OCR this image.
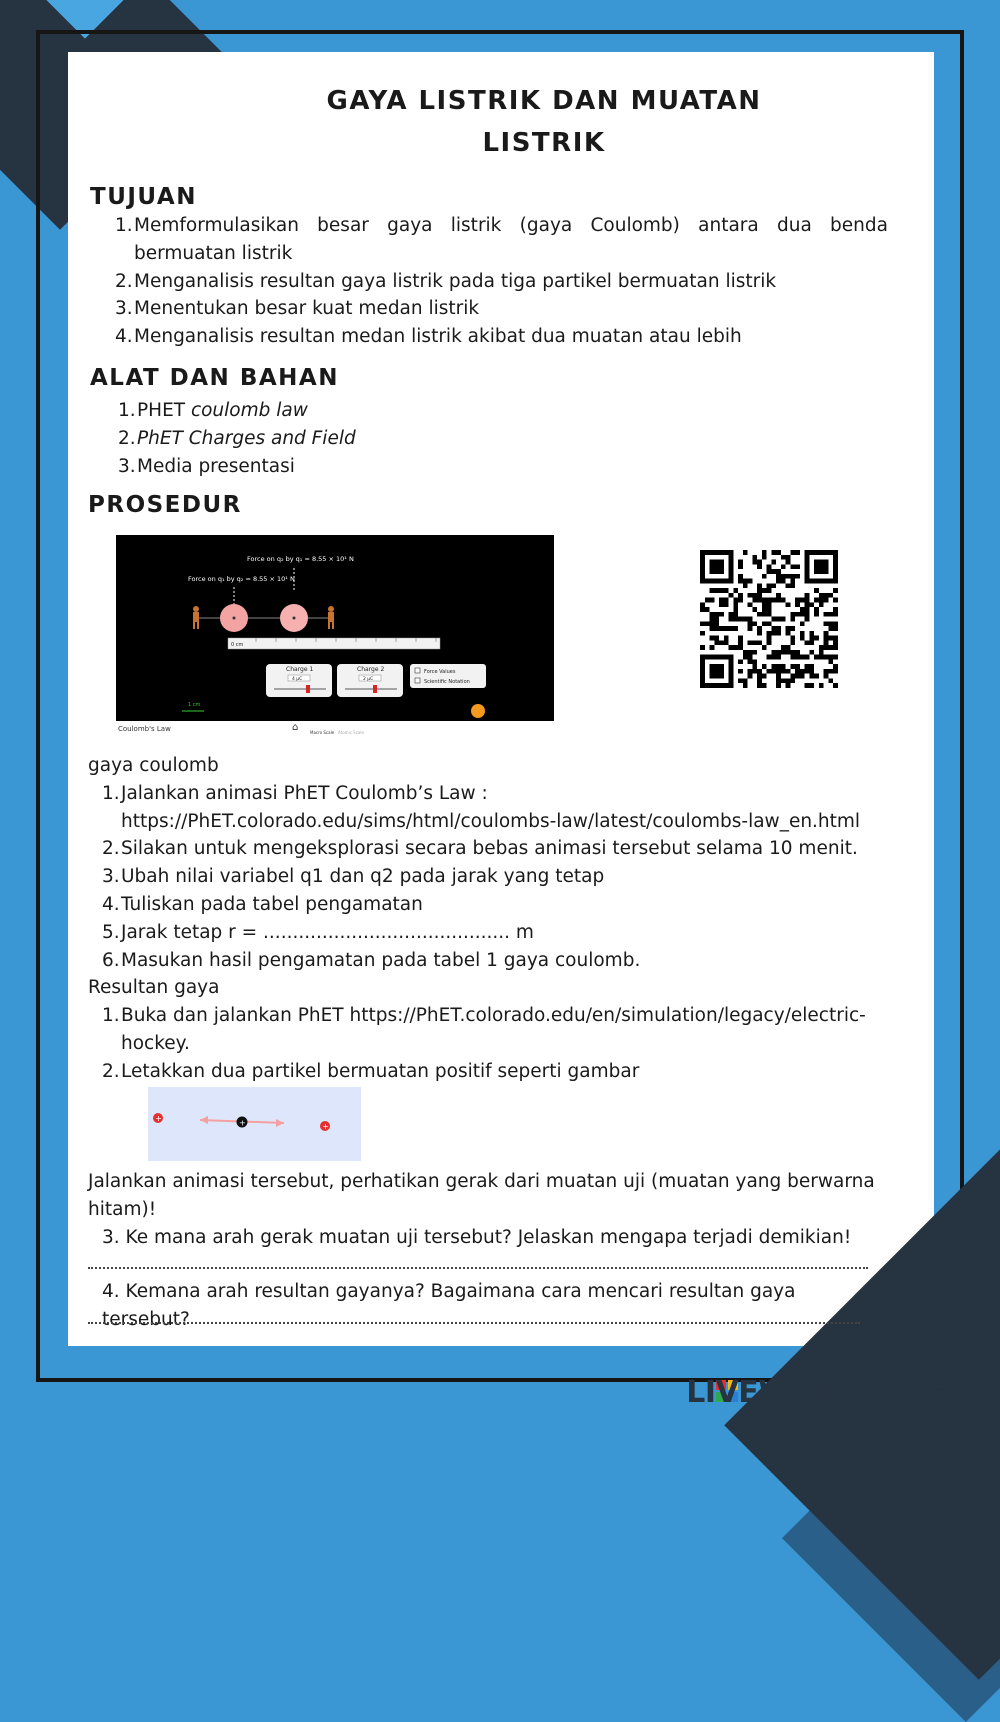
GAYA LISTRIK DAN MUATAN
LISTRIK
TUJUAN
1. Memformulasikan besar gaya listrik (gaya Coulomb) antara dua benda bermuatan listrik
2. Menganalisis resultan gaya listrik pada tiga partikel bermuatan listrik
3. Menentukan besar kuat medan listrik
4. Menganalisis resultan medan listrik akibat dua muatan atau lebih
ALAT DAN BAHAN
1. PHET coulomb law
2. PhET Charges and Field
3. Media presentasi
PROSEDUR
Force on q₂ by q₁ = 8.55 × 10¹ N
Force on q₁ by q₂ = 8.55 × 10¹ N
0 cm
Charge 1
4 μC
Charge 2
2 μC
Force Values
Scientific Notation
1 cm
Coulomb's Law	⌂	Macro Scale Atomic Scale
gaya coulomb
1. Jalankan animasi PhET Coulomb’s Law : https://PhET.colorado.edu/sims/html/coulombs-law/latest/coulombs-law_en.html
2. Silakan untuk mengeksplorasi secara bebas animasi tersebut selama 10 menit.
3. Ubah nilai variabel q1 dan q2 pada jarak yang tetap
4. Tuliskan pada tabel pengamatan
5. Jarak tetap r = .......................................... m
6. Masukan hasil pengamatan pada tabel 1 gaya coulomb.
Resultan gaya
1. Buka dan jalankan PhET https://PhET.colorado.edu/en/simulation/legacy/electric-hockey.
2. Letakkan dua partikel bermuatan positif seperti gambar
+	+	+
Jalankan animasi tersebut, perhatikan gerak dari muatan uji (muatan yang berwarna hitam)!
3. Ke mana arah gerak muatan uji tersebut? Jelaskan mengapa terjadi demikian!
4. Kemana arah resultan gayanya? Bagaimana cara mencari resultan gaya tersebut?
LIVEWORKSHEETS
